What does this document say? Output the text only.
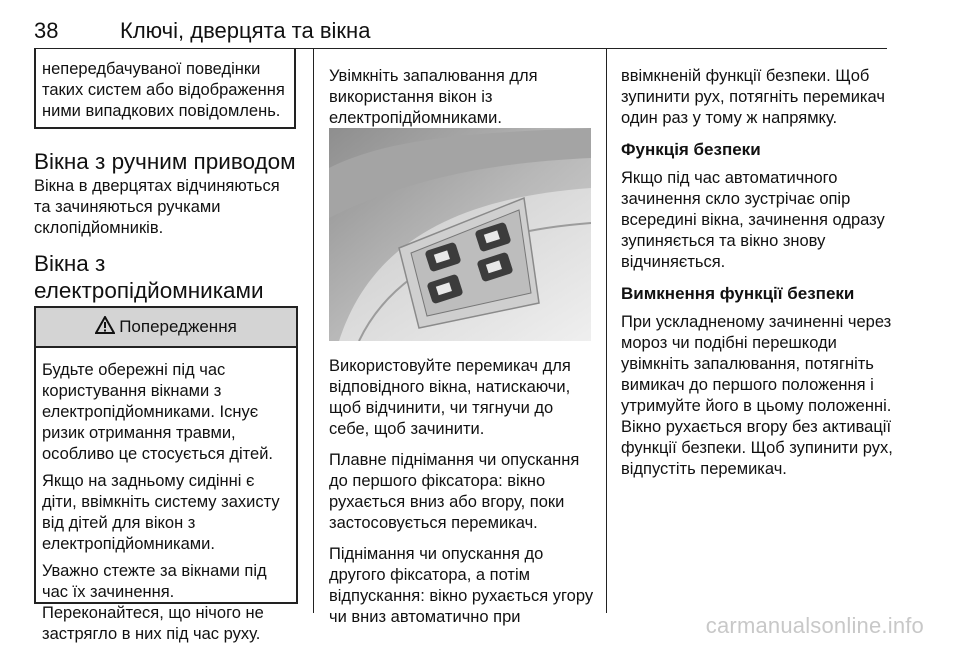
38	Ключі, дверцята та вікна
непередбачуваної поведінки таких систем або відображення ними випадкових повідомлень.
Вікна з ручним приводом
Вікна в дверцятах відчиняються та зачиняються ручками склопідйомників.
Вікна з електропідйомниками
Попередження

Будьте обережні під час користування вікнами з електропідйомниками. Існує ризик отримання травми, особливо це стосується дітей.

Якщо на задньому сидінні є діти, ввімкніть систему захисту від дітей для вікон з електропідйомниками.

Уважно стежте за вікнами під час їх зачинення. Переконайтеся, що нічого не застрягло в них під час руху.

Увімкніть запалювання для використання вікон із електропідйомниками.

Використовуйте перемикач для відповідного вікна, натискаючи, щоб відчинити, чи тягнучи до себе, щоб зачинити.

Плавне піднімання чи опускання до першого фіксатора: вікно рухається вниз або вгору, поки застосовується перемикач.

Піднімання чи опускання до другого фіксатора, а потім відпускання: вікно рухається угору чи вниз автоматично при

ввімкненій функції безпеки. Щоб зупинити рух, потягніть перемикач один раз у тому ж напрямку.

Функція безпеки

Якщо під час автоматичного зачинення скло зустрічає опір всередині вікна, зачинення одразу зупиняється та вікно знову відчиняється.

Вимкнення функції безпеки

При ускладненому зачиненні через мороз чи подібні перешкоди увімкніть запалювання, потягніть вимикач до першого положення і утримуйте його в цьому положенні. Вікно рухається вгору без активації функції безпеки. Щоб зупинити рух, відпустіть перемикач.

carmanualsonline.info
